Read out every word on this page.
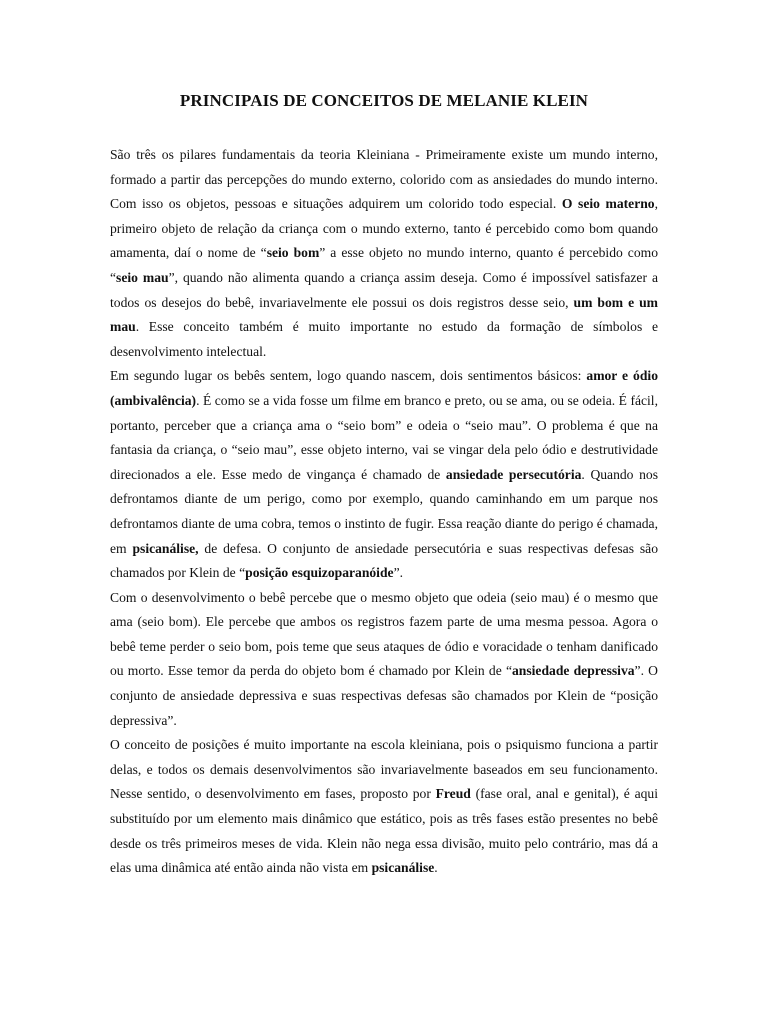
PRINCIPAIS DE CONCEITOS DE MELANIE KLEIN

São três os pilares fundamentais da teoria Kleiniana - Primeiramente existe um mundo interno, formado a partir das percepções do mundo externo, colorido com as ansiedades do mundo interno. Com isso os objetos, pessoas e situações adquirem um colorido todo especial. O seio materno, primeiro objeto de relação da criança com o mundo externo, tanto é percebido como bom quando amamenta, daí o nome de “seio bom” a esse objeto no mundo interno, quanto é percebido como “seio mau”, quando não alimenta quando a criança assim deseja. Como é impossível satisfazer a todos os desejos do bebê, invariavelmente ele possui os dois registros desse seio, um bom e um mau. Esse conceito também é muito importante no estudo da formação de símbolos e desenvolvimento intelectual.

Em segundo lugar os bebês sentem, logo quando nascem, dois sentimentos básicos: amor e ódio (ambivalência). É como se a vida fosse um filme em branco e preto, ou se ama, ou se odeia. É fácil, portanto, perceber que a criança ama o “seio bom” e odeia o “seio mau”. O problema é que na fantasia da criança, o “seio mau”, esse objeto interno, vai se vingar dela pelo ódio e destrutividade direcionados a ele. Esse medo de vingança é chamado de ansiedade persecutória. Quando nos defrontamos diante de um perigo, como por exemplo, quando caminhando em um parque nos defrontamos diante de uma cobra, temos o instinto de fugir. Essa reação diante do perigo é chamada, em psicanálise, de defesa. O conjunto de ansiedade persecutória e suas respectivas defesas são chamados por Klein de “posição esquizoparanóide”.

Com o desenvolvimento o bebê percebe que o mesmo objeto que odeia (seio mau) é o mesmo que ama (seio bom). Ele percebe que ambos os registros fazem parte de uma mesma pessoa. Agora o bebê teme perder o seio bom, pois teme que seus ataques de ódio e voracidade o tenham danificado ou morto. Esse temor da perda do objeto bom é chamado por Klein de “ansiedade depressiva”. O conjunto de ansiedade depressiva e suas respectivas defesas são chamados por Klein de “posição depressiva”.

O conceito de posições é muito importante na escola kleiniana, pois o psiquismo funciona a partir delas, e todos os demais desenvolvimentos são invariavelmente baseados em seu funcionamento. Nesse sentido, o desenvolvimento em fases, proposto por Freud (fase oral, anal e genital), é aqui substituído por um elemento mais dinâmico que estático, pois as três fases estão presentes no bebê desde os três primeiros meses de vida. Klein não nega essa divisão, muito pelo contrário, mas dá a elas uma dinâmica até então ainda não vista em psicanálise.
